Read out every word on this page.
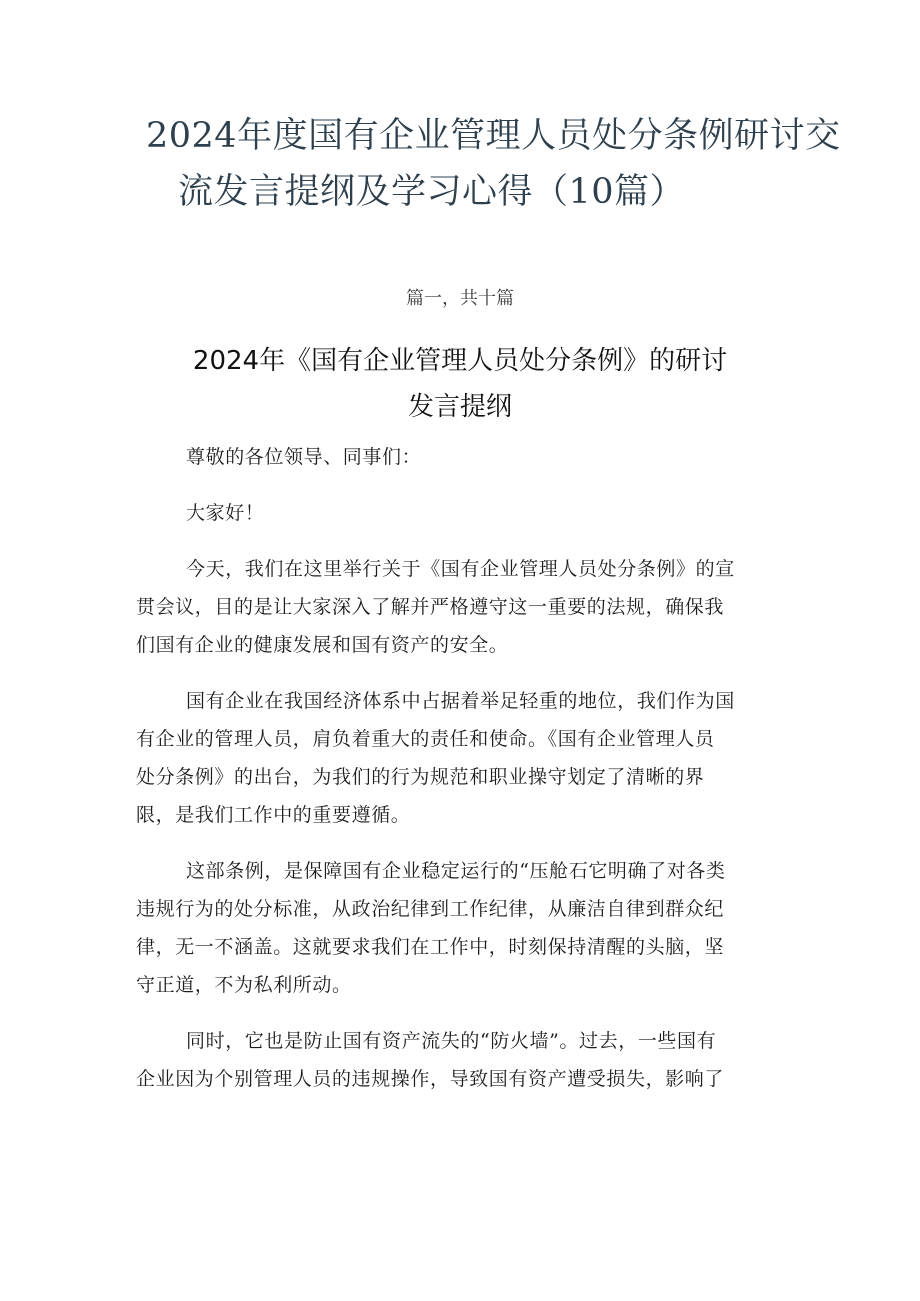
2024年度国有企业管理人员处分条例研讨交
流发言提纲及学习心得（10篇）

篇一，共十篇

2024年《国有企业管理人员处分条例》的研讨
发言提纲

尊敬的各位领导、同事们：

大家好！

今天，我们在这里举行关于《国有企业管理人员处分条例》的宣
贯会议，目的是让大家深入了解并严格遵守这一重要的法规，确保我
们国有企业的健康发展和国有资产的安全。

国有企业在我国经济体系中占据着举足轻重的地位，我们作为国
有企业的管理人员，肩负着重大的责任和使命。《国有企业管理人员
处分条例》的出台，为我们的行为规范和职业操守划定了清晰的界
限，是我们工作中的重要遵循。

这部条例，是保障国有企业稳定运行的“压舱石它明确了对各类
违规行为的处分标准，从政治纪律到工作纪律，从廉洁自律到群众纪
律，无一不涵盖。这就要求我们在工作中，时刻保持清醒的头脑，坚
守正道，不为私利所动。

同时，它也是防止国有资产流失的“防火墙”。过去，一些国有
企业因为个别管理人员的违规操作，导致国有资产遭受损失，影响了
